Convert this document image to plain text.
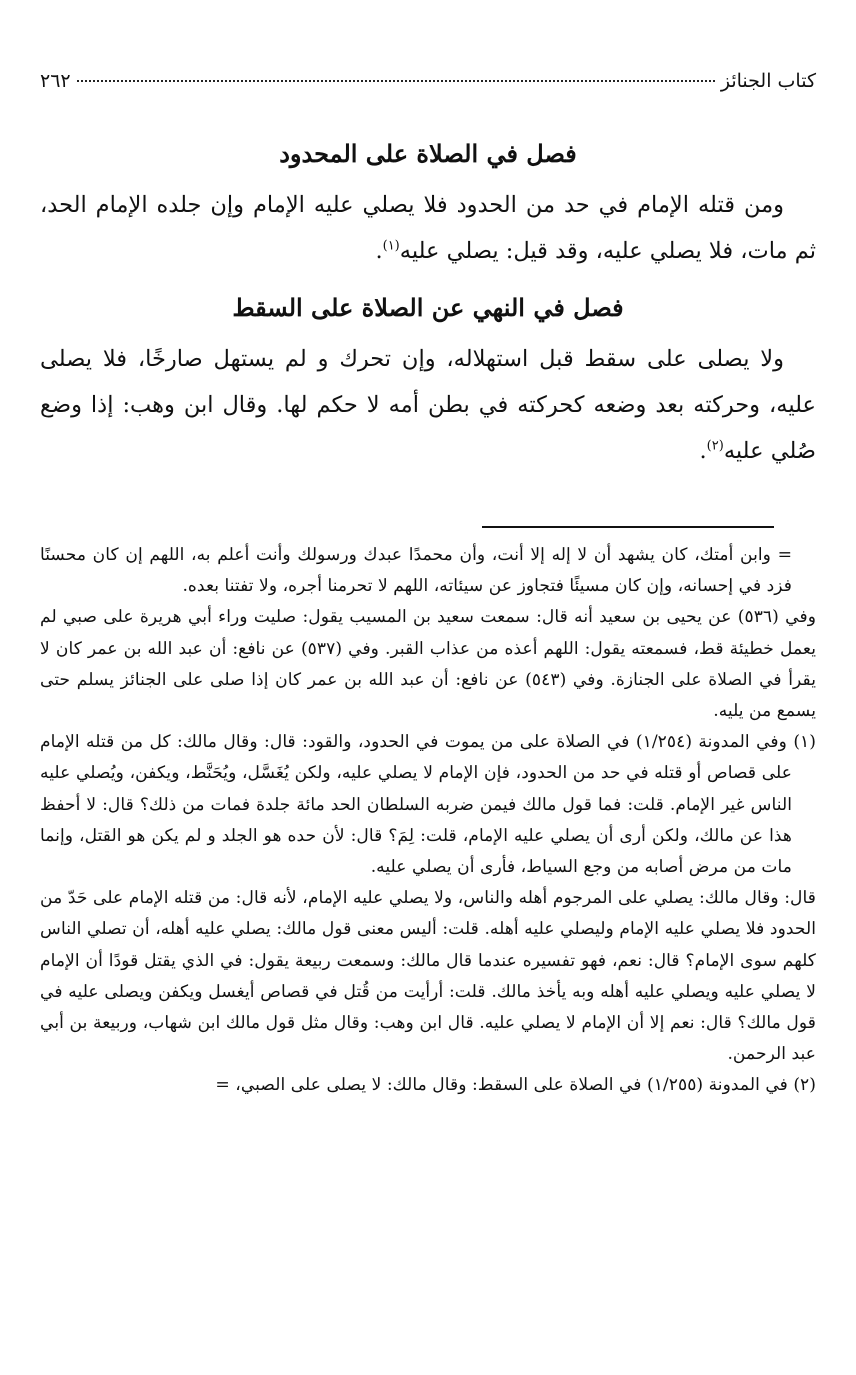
كتاب الجنائز
٢٦٢
فصل في الصلاة على المحدود

ومن قتله الإمام في حد من الحدود فلا يصلي عليه الإمام وإن جلده الإمام الحد، ثم مات، فلا يصلي عليه، وقد قيل: يصلي عليه$^{(١)}$.

فصل في النهي عن الصلاة على السقط

ولا يصلى على سقط قبل استهلاله، وإن تحرك و لم يستهل صارخًا، فلا يصلى عليه، وحركته بعد وضعه كحركته في بطن أمه لا حكم لها. وقال ابن وهب: إذا وضع صُلي عليه$^{(٢)}$.

= وابن أمتك، كان يشهد أن لا إله إلا أنت، وأن محمدًا عبدك ورسولك وأنت أعلم به، اللهم إن كان محسنًا فزد في إحسانه، وإن كان مسيئًا فتجاوز عن سيئاته، اللهم لا تحرمنا أجره، ولا تفتنا بعده.

وفي (٥٣٦) عن يحيى بن سعيد أنه قال: سمعت سعيد بن المسيب يقول: صليت وراء أبي هريرة على صبي لم يعمل خطيئة قط، فسمعته يقول: اللهم أعذه من عذاب القبر. وفي (٥٣٧) عن نافع: أن عبد الله بن عمر كان لا يقرأ في الصلاة على الجنازة. وفي (٥٤٣) عن نافع: أن عبد الله بن عمر كان إذا صلى على الجنائز يسلم حتى يسمع من يليه.

(١) وفي المدونة (١/٢٥٤) في الصلاة على من يموت في الحدود، والقود: قال: وقال مالك: كل من قتله الإمام على قصاص أو قتله في حد من الحدود، فإن الإمام لا يصلي عليه، ولكن يُغَسَّل، ويُحَنَّط، ويكفن، ويُصلي عليه الناس غير الإمام. قلت: فما قول مالك فيمن ضربه السلطان الحد مائة جلدة فمات من ذلك؟ قال: لا أحفظ هذا عن مالك، ولكن أرى أن يصلي عليه الإمام، قلت: لِمَ؟ قال: لأن حده هو الجلد و لم يكن هو القتل، وإنما مات من مرض أصابه من وجع السياط، فأرى أن يصلي عليه.

قال: وقال مالك: يصلي على المرجوم أهله والناس، ولا يصلي عليه الإمام، لأنه قال: من قتله الإمام على حَدّ من الحدود فلا يصلي عليه الإمام وليصلي عليه أهله. قلت: أليس معنى قول مالك: يصلي عليه أهله، أن تصلي الناس كلهم سوى الإمام؟ قال: نعم، فهو تفسيره عندما قال مالك: وسمعت ربيعة يقول: في الذي يقتل قودًا أن الإمام لا يصلي عليه ويصلي عليه أهله وبه يأخذ مالك. قلت: أرأيت من قُتل في قصاص أيغسل ويكفن ويصلى عليه في قول مالك؟ قال: نعم إلا أن الإمام لا يصلي عليه. قال ابن وهب: وقال مثل قول مالك ابن شهاب، وربيعة بن أبي عبد الرحمن.

(٢) في المدونة (١/٢٥٥) في الصلاة على السقط: وقال مالك: لا يصلى على الصبي، =
